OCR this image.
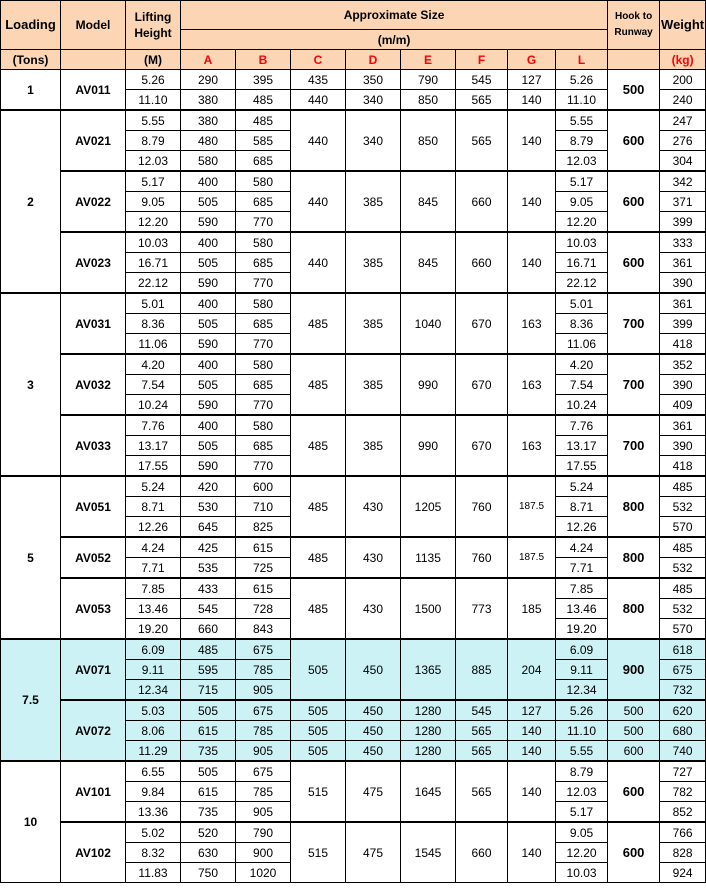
Loading	Model	Lifting Height	Approximate Size								Hook to Runway	Weight
			(m/m)									
(Tons)		(M)	A	B	C	D	E	F	G	L		(kg)
1	AV011	5.26	290	395	435	350	790	545	127	5.26	500	200
		11.10	380	485	440	340	850	565	140	11.10		240
2	AV021	5.55	380	485	440	340	850	565	140	5.55	600	247
		8.79	480	585						8.79		276
		12.03	580	685						12.03		304
	AV022	5.17	400	580	440	385	845	660	140	5.17	600	342
		9.05	505	685						9.05		371
		12.20	590	770						12.20		399
	AV023	10.03	400	580	440	385	845	660	140	10.03	600	333
		16.71	505	685						16.71		361
		22.12	590	770						22.12		390
3	AV031	5.01	400	580	485	385	1040	670	163	5.01	700	361
		8.36	505	685						8.36		399
		11.06	590	770						11.06		418
	AV032	4.20	400	580	485	385	990	670	163	4.20	700	352
		7.54	505	685						7.54		390
		10.24	590	770						10.24		409
	AV033	7.76	400	580	485	385	990	670	163	7.76	700	361
		13.17	505	685						13.17		390
		17.55	590	770						17.55		418
5	AV051	5.24	420	600	485	430	1205	760	187.5	5.24	800	485
		8.71	530	710						8.71		532
		12.26	645	825						12.26		570
	AV052	4.24	425	615	485	430	1135	760	187.5	4.24	800	485
		7.71	535	725						7.71		532
	AV053	7.85	433	615	485	430	1500	773	185	7.85	800	485
		13.46	545	728						13.46		532
		19.20	660	843						19.20		570
7.5	AV071	6.09	485	675	505	450	1365	885	204	6.09	900	618
		9.11	595	785						9.11		675
		12.34	715	905						12.34		732
	AV072	5.03	505	675	505	450	1280	545	127	5.26	500	620
		8.06	615	785	505	450	1280	565	140	11.10	500	680
		11.29	735	905	505	450	1280	565	140	5.55	600	740
10	AV101	6.55	505	675	515	475	1645	565	140	8.79	600	727
		9.84	615	785						12.03		782
		13.36	735	905						5.17		852
	AV102	5.02	520	790	515	475	1545	660	140	9.05	600	766
		8.32	630	900						12.20		828
		11.83	750	1020						10.03		924
